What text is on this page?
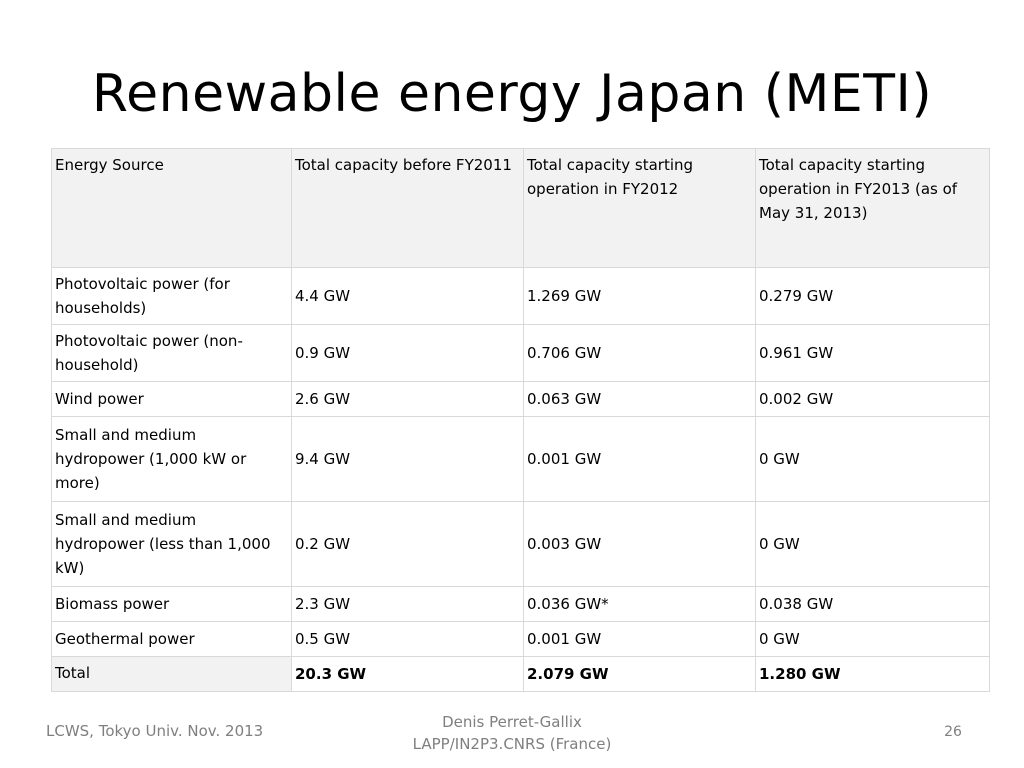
Renewable energy Japan (METI)
Energy Source	Total capacity before FY2011	Total capacity starting operation in FY2012	Total capacity starting operation in FY2013 (as of May 31, 2013)
Photovoltaic power (for households)	4.4 GW	1.269 GW	0.279 GW
Photovoltaic power (non-household)	0.9 GW	0.706 GW	0.961 GW
Wind power	2.6 GW	0.063 GW	0.002 GW
Small and medium hydropower (1,000 kW or more)	9.4 GW	0.001 GW	0 GW
Small and medium hydropower (less than 1,000 kW)	0.2 GW	0.003 GW	0 GW
Biomass power	2.3 GW	0.036 GW*	0.038 GW
Geothermal power	0.5 GW	0.001 GW	0 GW
Total	20.3 GW	2.079 GW	1.280 GW
LCWS, Tokyo Univ. Nov. 2013	Denis Perret-Gallix
LAPP/IN2P3.CNRS (France)
26
